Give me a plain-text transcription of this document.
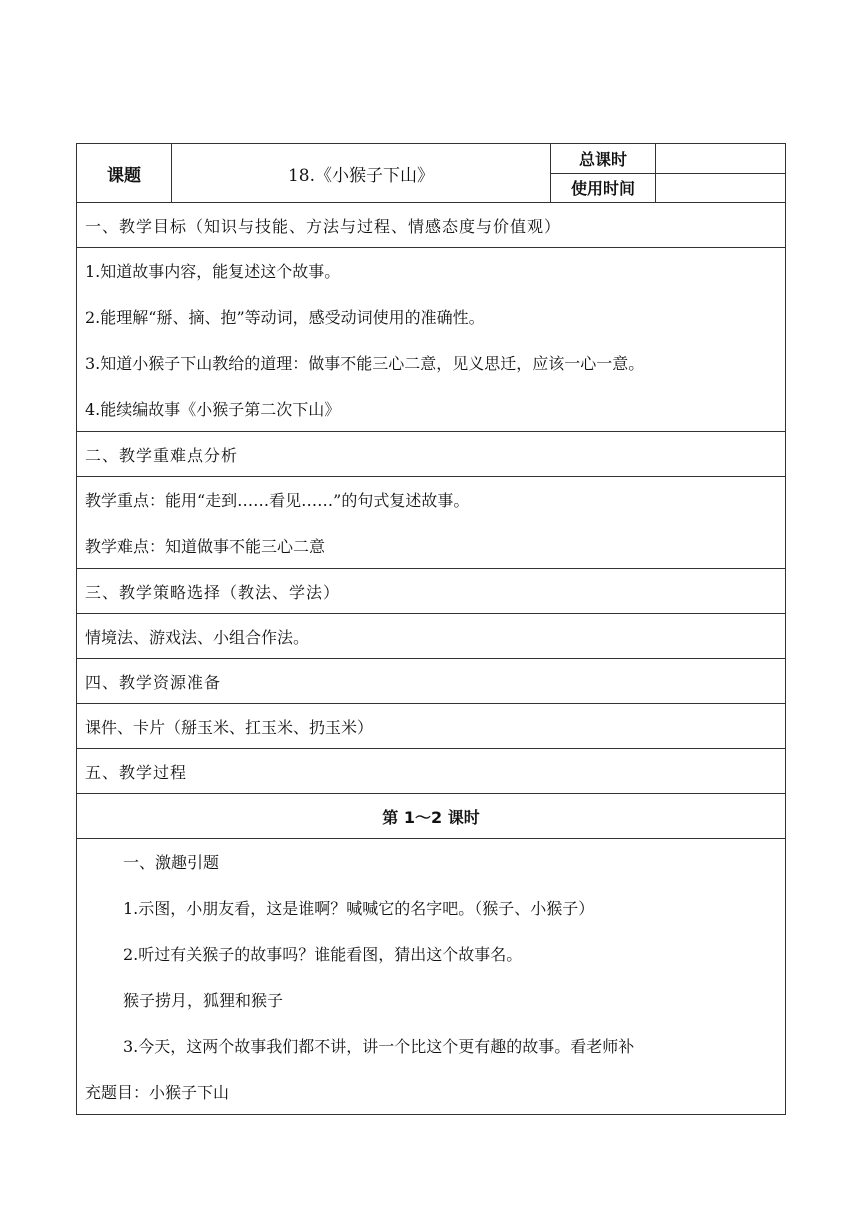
课题	18.《小猴子下山》
总课时
使用时间
一、教学目标（知识与技能、方法与过程、情感态度与价值观）
1.知道故事内容，能复述这个故事。
2.能理解“掰、摘、抱”等动词，感受动词使用的准确性。
3.知道小猴子下山教给的道理：做事不能三心二意，见义思迁，应该一心一意。
4.能续编故事《小猴子第二次下山》
二、教学重难点分析
教学重点：能用“走到……看见……”的句式复述故事。
教学难点：知道做事不能三心二意
三、教学策略选择（教法、学法）
情境法、游戏法、小组合作法。
四、教学资源准备
课件、卡片（掰玉米、扛玉米、扔玉米）
五、教学过程
第 1～2 课时
一、激趣引题
1.示图，小朋友看，这是谁啊？喊喊它的名字吧。（猴子、小猴子）
2.听过有关猴子的故事吗？谁能看图，猜出这个故事名。
猴子捞月，狐狸和猴子
3.今天，这两个故事我们都不讲，讲一个比这个更有趣的故事。看老师补
充题目：小猴子下山
